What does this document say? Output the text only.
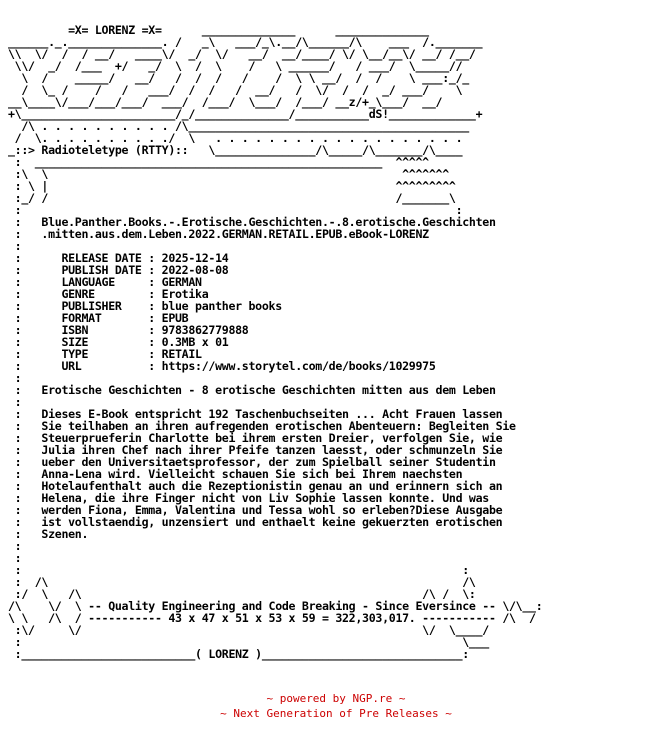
=X= LORENZ =X=      ______________      ______________
______._.______________. /   _\   ___/_\.__/\______/\    ___  /._______
\\  \/  /  / __/   ____\/  _/  \/   __/  __/____/ \/ \__/__\/ __/ /__/
\\/  _/  /___  +/   _/  \  /  \    /   \ ______/   / ___/  \_____//
\  /    _____/   __/   /  /  /   /    /  \ \ __/  /  /    \ ___:_/_
/  \_ /    /   /   ___/  /  /   /  __/   /  \/  /  /  _/ ___/    \
__\____\/___/___/___/  ___/  /___/  \___/  /___/ __z/+_\___/  __/
+\_______________________/_/______________/___________dS!_____________+
/\ . . . . . . . . . . /\__________________________________________
/  \. . . . . . . . . ./  \   . . . . . . . . . . . . . . . . . . .
_::> Radioteletype (RTTY)::   \_______________/\_____/\_______/\____
:  ____________________________________________________  ^^^^^
:\  \                                                     ^^^^^^^
: \ |                                                    ^^^^^^^^^
:_/ /                                                    /_______\
:                                                                 :
:   Blue.Panther.Books.-.Erotische.Geschichten.-.8.erotische.Geschichten
:   .mitten.aus.dem.Leben.2022.GERMAN.RETAIL.EPUB.eBook-LORENZ
:
:      RELEASE DATE : 2025-12-14
:      PUBLISH DATE : 2022-08-08
:      LANGUAGE     : GERMAN
:      GENRE        : Erotika
:      PUBLISHER    : blue panther books
:      FORMAT       : EPUB
:      ISBN         : 9783862779888
:      SIZE         : 0.3MB x 01
:      TYPE         : RETAIL
:      URL          : https://www.storytel.com/de/books/1029975
:
:   Erotische Geschichten - 8 erotische Geschichten mitten aus dem Leben
:
:   Dieses E-Book entspricht 192 Taschenbuchseiten ... Acht Frauen lassen
:   Sie teilhaben an ihren aufregenden erotischen Abenteuern: Begleiten Sie
:   Steuerprueferin Charlotte bei ihrem ersten Dreier, verfolgen Sie, wie
:   Julia ihren Chef nach ihrer Pfeife tanzen laesst, oder schmunzeln Sie
:   ueber den Universitaetsprofessor, der zum Spielball seiner Studentin
:   Anna-Lena wird. Vielleicht schauen Sie sich bei Ihrem naechsten
:   Hotelaufenthalt auch die Rezeptionistin genau an und erinnern sich an
:   Helena, die ihre Finger nicht von Liv Sophie lassen konnte. Und was
:   werden Fiona, Emma, Valentina und Tessa wohl so erleben?Diese Ausgabe
:   ist vollstaendig, unzensiert und enthaelt keine gekuerzten erotischen
:   Szenen.
:
:
:                                                                  :
:  /\                                                              /\
:/  \   /\                                                   /\ /  \:
/\    \/  \ -- Quality Engineering and Code Breaking - Since Eversince -- \/\__:
\ \   /\  / ----------- 43 x 47 x 51 x 53 x 59 = 322,303,017. ----------- /\  /
:\/     \/                                                   \/  \____/
:                                                                  \___
:__________________________( LORENZ )______________________________:

~ powered by NGP.re ~
~ Next Generation of Pre Releases ~
